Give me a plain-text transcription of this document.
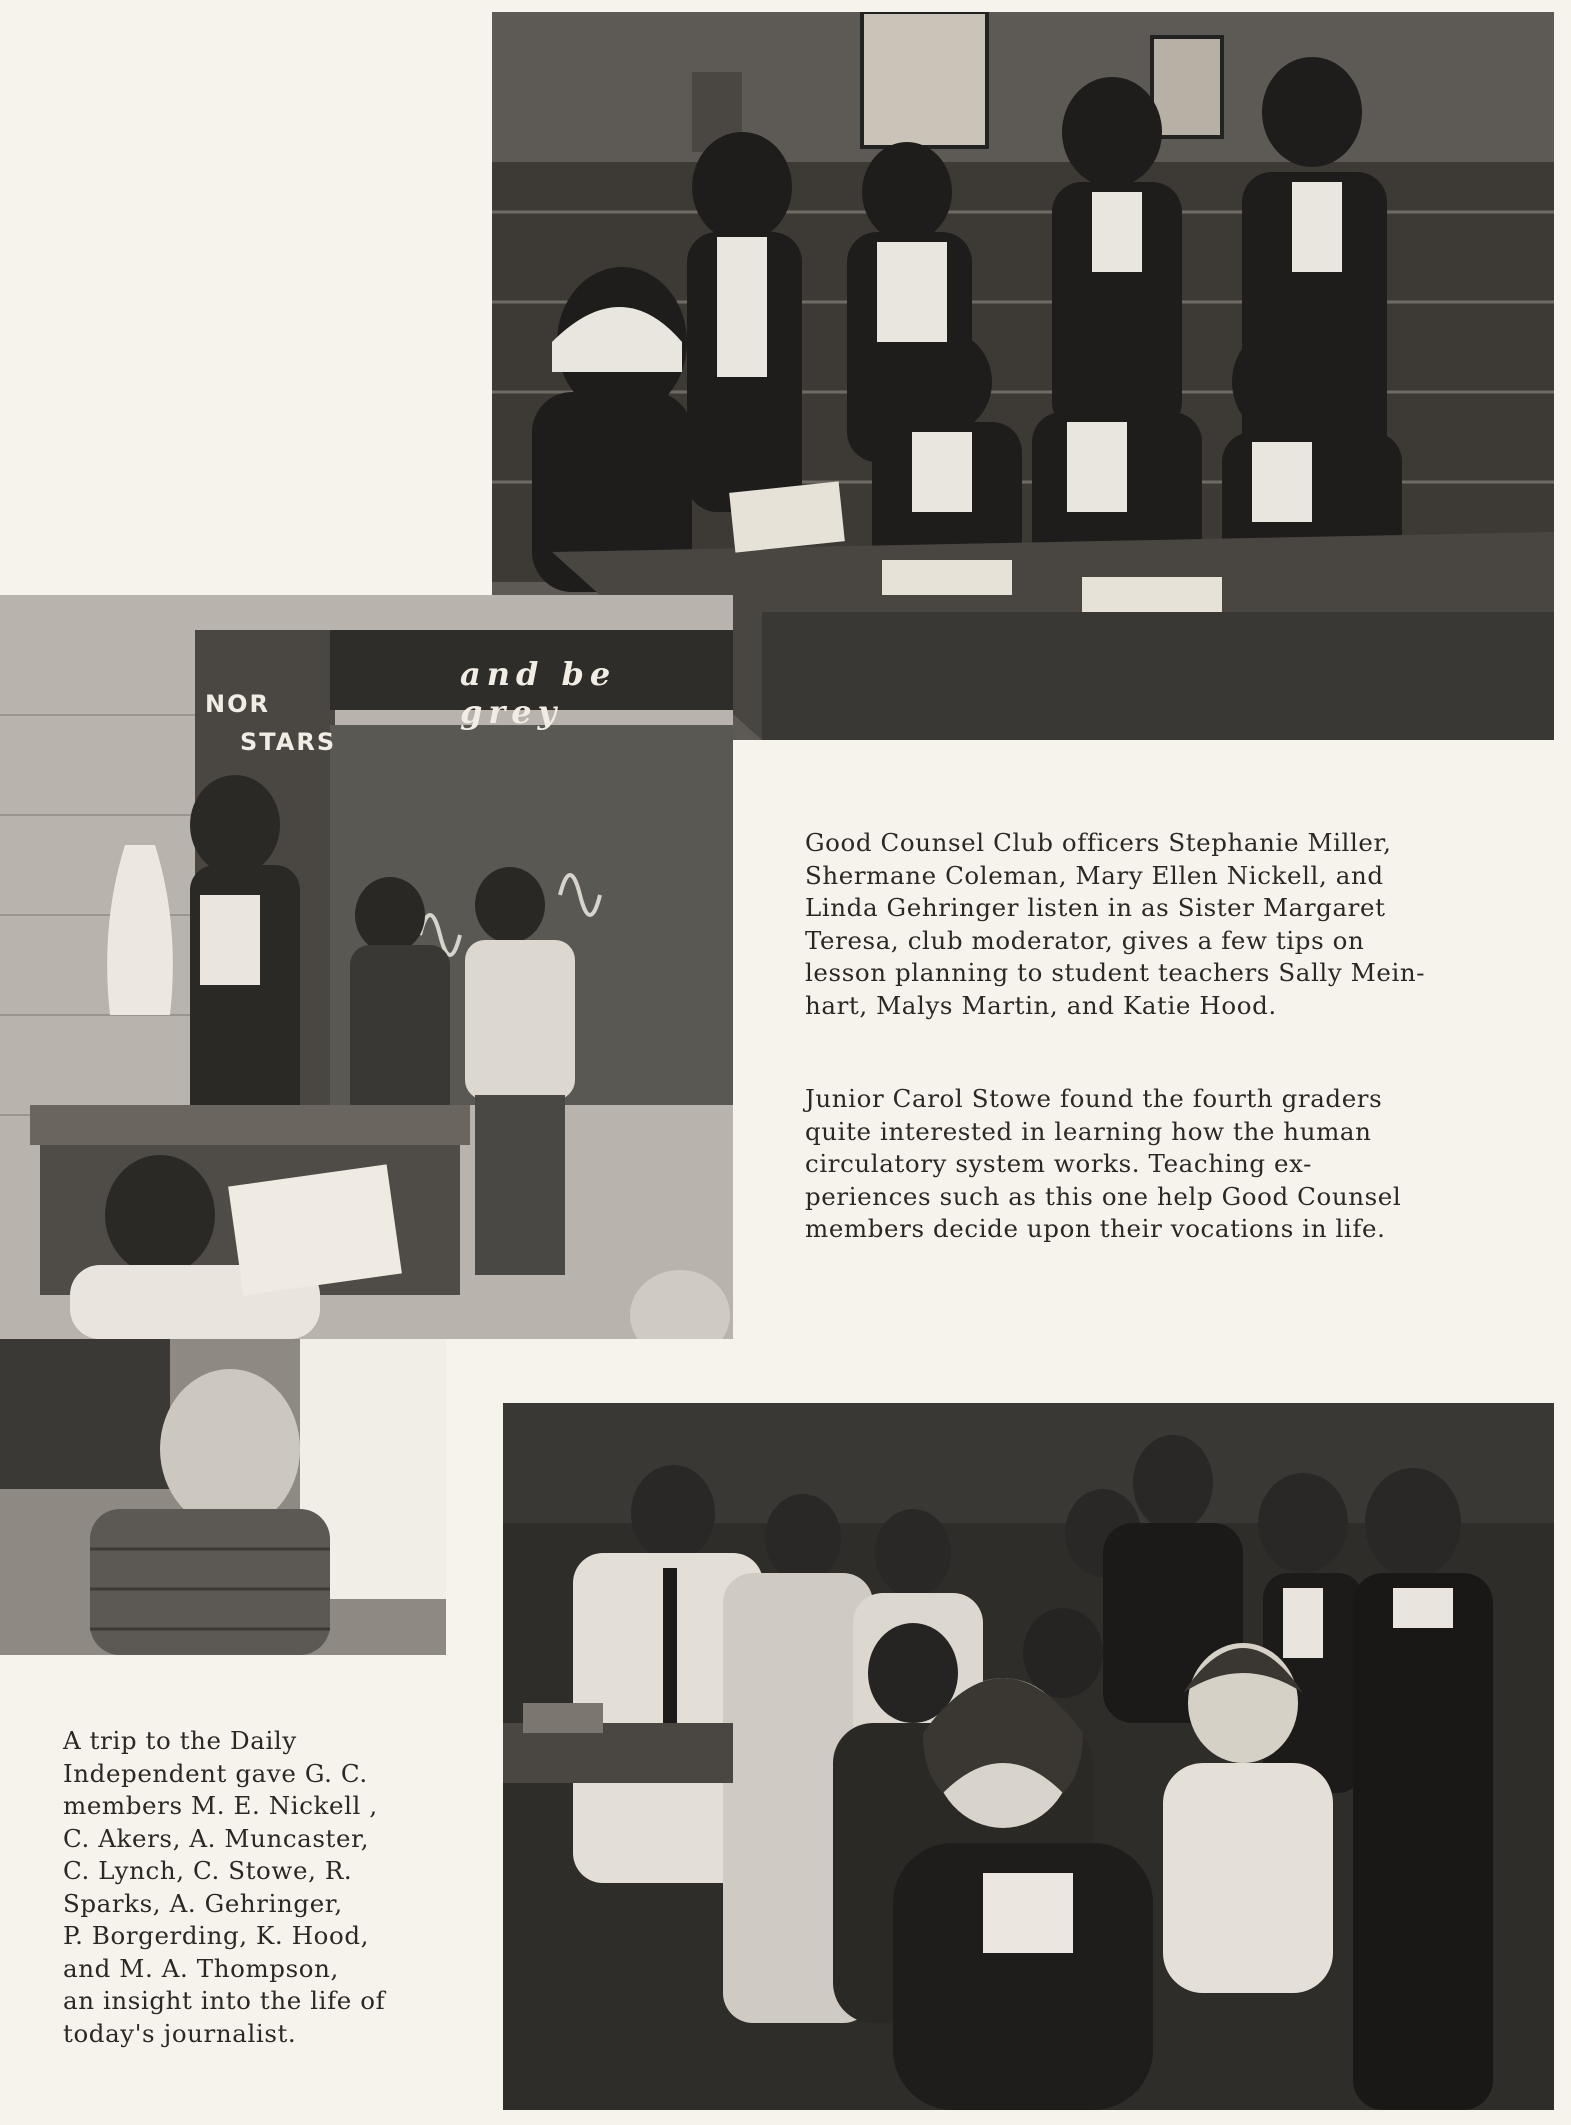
NOR
STARS
and be grey
Good Counsel Club officers Stephanie Miller,
Shermane Coleman, Mary Ellen Nickell, and
Linda Gehringer listen in as Sister Margaret
Teresa, club moderator, gives a few tips on
lesson planning to student teachers Sally Mein-
hart, Malys Martin, and Katie Hood.
Junior Carol Stowe found the fourth graders
quite interested in learning how the human
circulatory system works. Teaching ex-
periences such as this one help Good Counsel
members decide upon their vocations in life.
A trip to the Daily
Independent gave G. C.
members M. E. Nickell ,
C. Akers, A. Muncaster,
C. Lynch, C. Stowe, R.
Sparks, A. Gehringer,
P. Borgerding, K. Hood,
and M. A. Thompson,
an insight into the life of
today's journalist.
